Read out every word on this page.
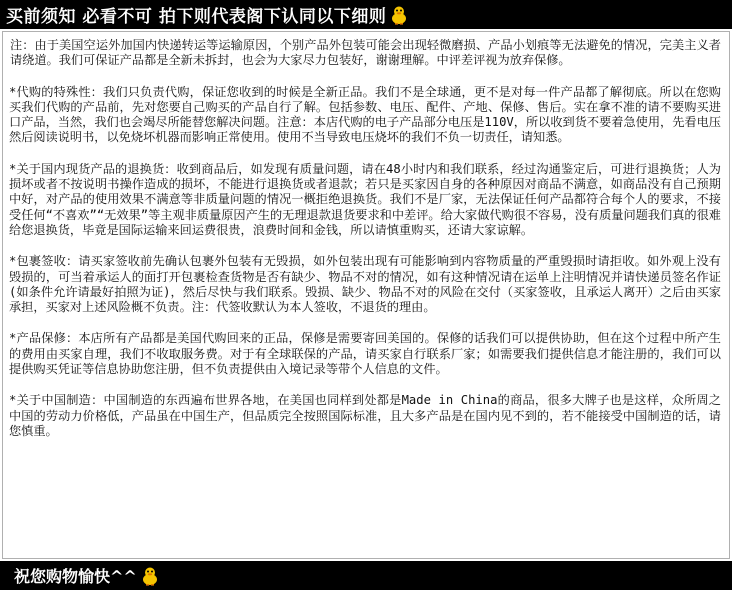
买前须知 必看不可 拍下则代表阁下认同以下细则

注：由于美国空运外加国内快递转运等运输原因，个别产品外包装可能会出现轻微磨损、产品小划痕等无法避免的情况，完美主义者请绕道。我们可保证产品都是全新未拆封，也会为大家尽力包装好，谢谢理解。中评差评视为放弃保修。

*代购的特殊性：我们只负责代购，保证您收到的时候是全新正品。我们不是全球通，更不是对每一件产品都了解彻底。所以在您购买我们代购的产品前，先对您要自己购买的产品自行了解。包括参数、电压、配件、产地、保修、售后。实在拿不准的请不要购买进口产品，当然，我们也会竭尽所能替您解决问题。注意：本店代购的电子产品部分电压是110V，所以收到货不要着急使用，先看电压然后阅读说明书，以免烧坏机器而影响正常使用。使用不当导致电压烧坏的我们不负一切责任，请知悉。

*关于国内现货产品的退换货：收到商品后，如发现有质量问题，请在48小时内和我们联系，经过沟通鉴定后，可进行退换货；人为损坏或者不按说明书操作造成的损坏，不能进行退换货或者退款；若只是买家因自身的各种原因对商品不满意，如商品没有自己预期中好，对产品的使用效果不满意等非质量问题的情况一概拒绝退换货。我们不是厂家，无法保证任何产品都符合每个人的要求，不接受任何“不喜欢”“无效果”等主观非质量原因产生的无理退款退货要求和中差评。给大家做代购很不容易，没有质量问题我们真的很难给您退换货，毕竟是国际运输来回运费很贵，浪费时间和金钱，所以请慎重购买，还请大家谅解。

*包裹签收：请买家签收前先确认包裹外包装有无毁损，如外包装出现有可能影响到内容物质量的严重毁损时请拒收。如外观上没有毁损的，可当着承运人的面打开包裹检查货物是否有缺少、物品不对的情况，如有这种情况请在运单上注明情况并请快递员签名作证(如条件允许请最好拍照为证)，然后尽快与我们联系。毁损、缺少、物品不对的风险在交付（买家签收，且承运人离开）之后由买家承担，买家对上述风险概不负责。注：代签收默认为本人签收，不退货的理由。

*产品保修：本店所有产品都是美国代购回来的正品，保修是需要寄回美国的。保修的话我们可以提供协助，但在这个过程中所产生的费用由买家自理，我们不收取服务费。对于有全球联保的产品，请买家自行联系厂家；如需要我们提供信息才能注册的，我们可以提供购买凭证等信息协助您注册，但不负责提供由入境记录等带个人信息的文件。

*关于中国制造：中国制造的东西遍布世界各地，在美国也同样到处都是Made in China的商品，很多大牌子也是这样，众所周之中国的劳动力价格低，产品虽在中国生产，但品质完全按照国际标准，且大多产品是在国内见不到的，若不能接受中国制造的话，请您慎重。

祝您购物愉快^^
